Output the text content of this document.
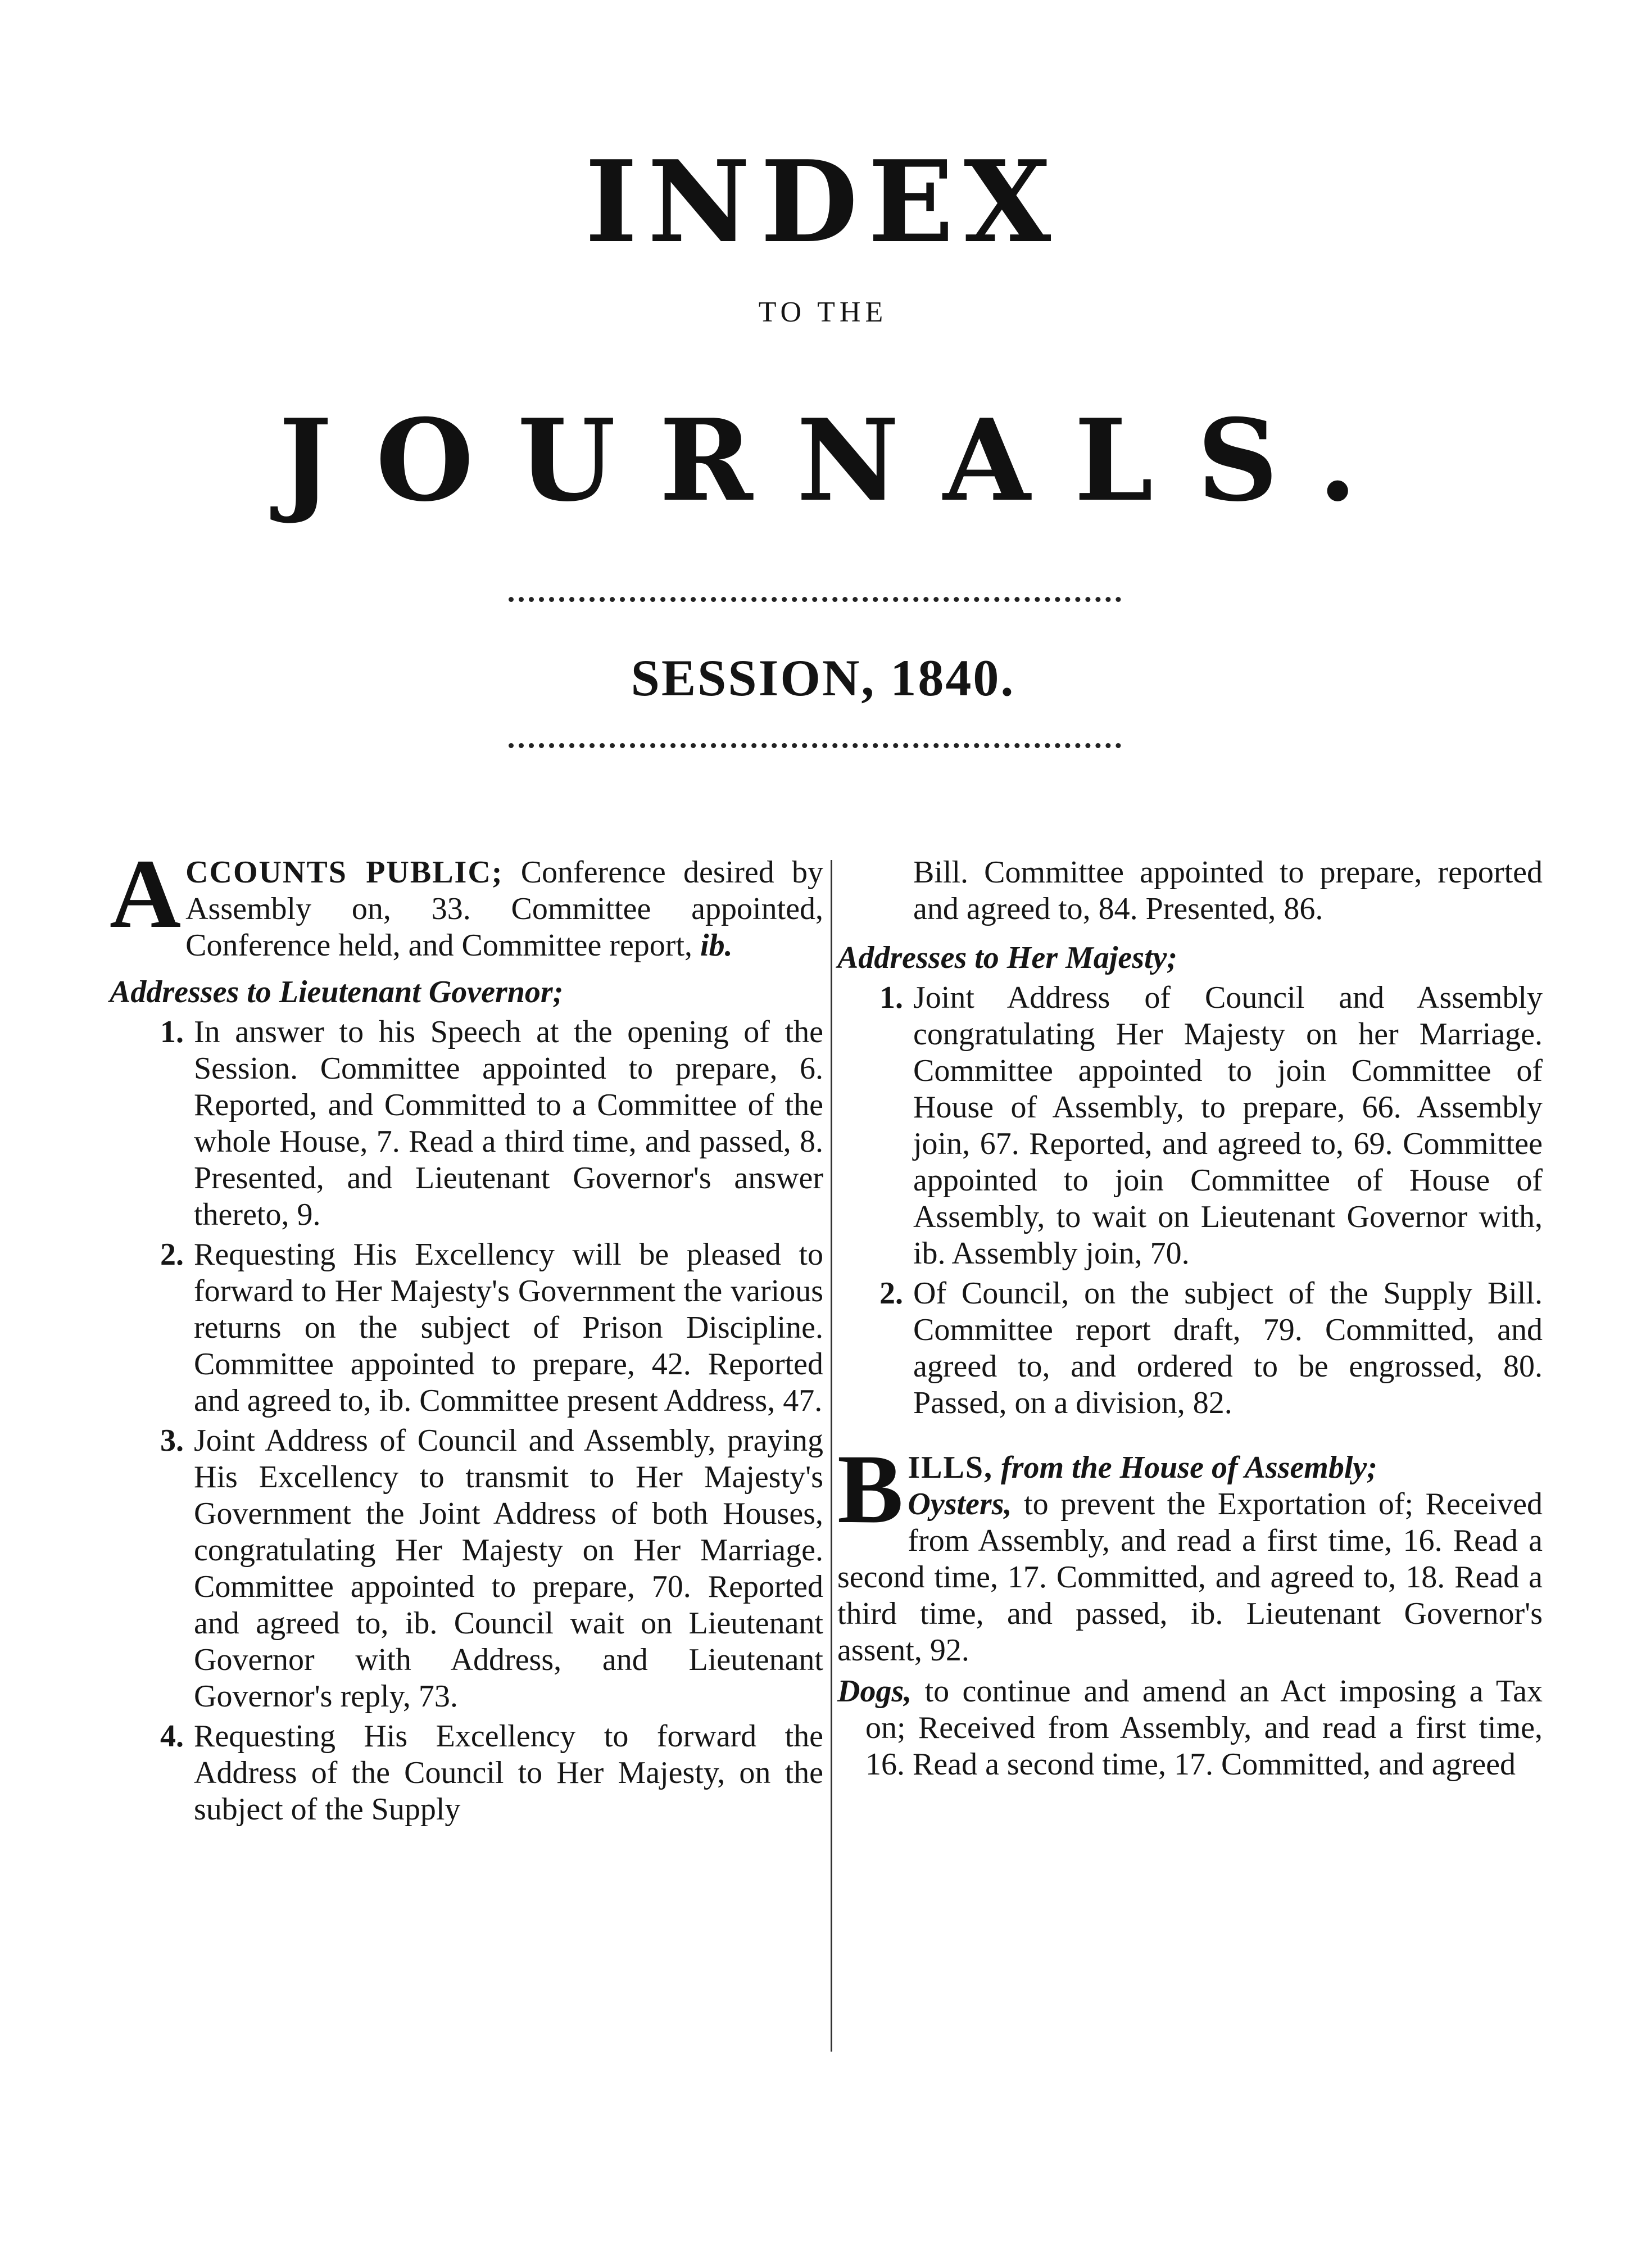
INDEX
TO THE
JOURNALS.
SESSION, 1840.

ACCOUNTS PUBLIC; Conference desired by Assembly on, 33. Committee appointed, Conference held, and Committee report, ib.

Addresses to Lieutenant Governor;

1. In answer to his Speech at the opening of the Session. Committee appointed to prepare, 6. Reported, and Committed to a Committee of the whole House, 7. Read a third time, and passed, 8. Presented, and Lieutenant Governor's answer thereto, 9.

2. Requesting His Excellency will be pleased to forward to Her Majesty's Government the various returns on the subject of Prison Discipline. Committee appointed to prepare, 42. Reported and agreed to, ib. Committee present Address, 47.

3. Joint Address of Council and Assembly, praying His Excellency to transmit to Her Majesty's Government the Joint Address of both Houses, congratulating Her Majesty on Her Marriage. Committee appointed to prepare, 70. Reported and agreed to, ib. Council wait on Lieutenant Governor with Address, and Lieutenant Governor's reply, 73.

4. Requesting His Excellency to forward the Address of the Council to Her Majesty, on the subject of the Supply

Bill. Committee appointed to prepare, reported and agreed to, 84. Presented, 86.

Addresses to Her Majesty;

1. Joint Address of Council and Assembly congratulating Her Majesty on her Marriage. Committee appointed to join Committee of House of Assembly, to prepare, 66. Assembly join, 67. Reported, and agreed to, 69. Committee appointed to join Committee of House of Assembly, to wait on Lieutenant Governor with, ib. Assembly join, 70.

2. Of Council, on the subject of the Supply Bill. Committee report draft, 79. Committed, and agreed to, and ordered to be engrossed, 80. Passed, on a division, 82.

BILLS, from the House of Assembly;
Oysters, to prevent the Exportation of; Received from Assembly, and read a first time, 16. Read a second time, 17. Committed, and agreed to, 18. Read a third time, and passed, ib. Lieutenant Governor's assent, 92.

Dogs, to continue and amend an Act imposing a Tax on; Received from Assembly, and read a first time, 16. Read a second time, 17. Committed, and agreed
